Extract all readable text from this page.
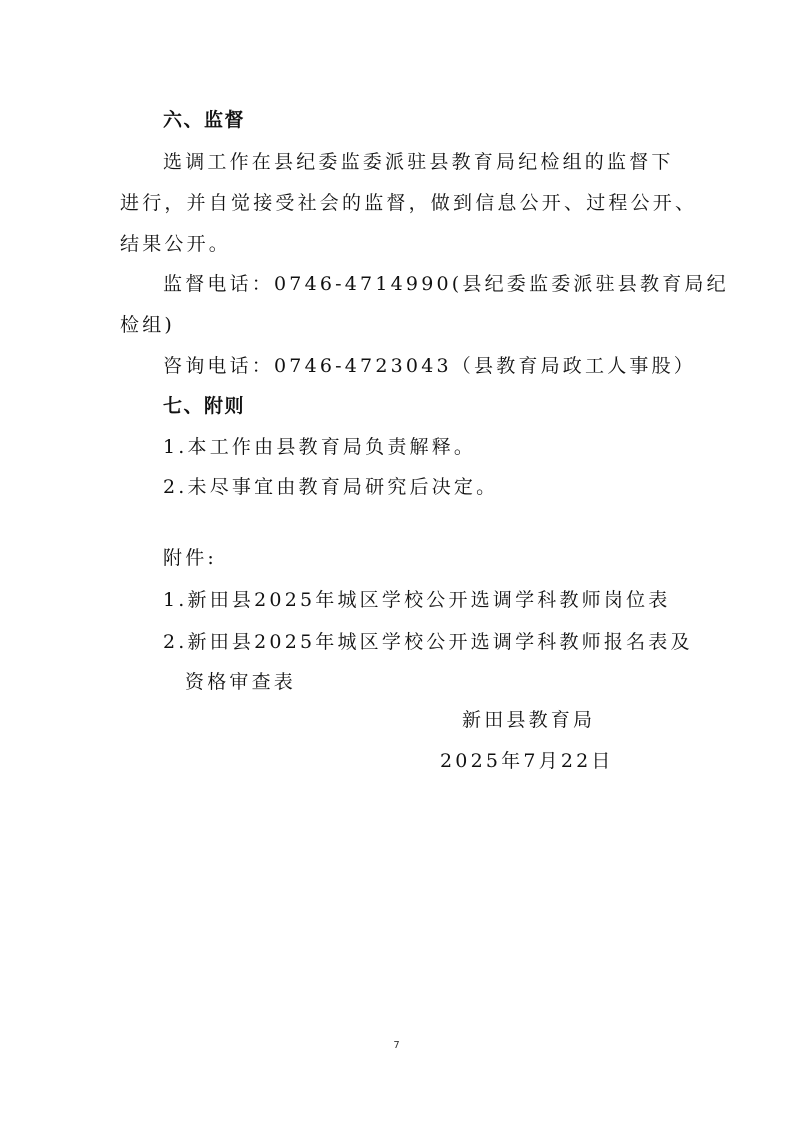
六、监督
选调工作在县纪委监委派驻县教育局纪检组的监督下
进行，并自觉接受社会的监督，做到信息公开、过程公开、
结果公开。
监督电话：0746-4714990(县纪委监委派驻县教育局纪
检组)
咨询电话：0746-4723043（县教育局政工人事股）
七、附则
1.本工作由县教育局负责解释。
2.未尽事宜由教育局研究后决定。
附件:
1.新田县2025年城区学校公开选调学科教师岗位表
2.新田县2025年城区学校公开选调学科教师报名表及
资格审查表
新田县教育局
2025年7月22日
7
